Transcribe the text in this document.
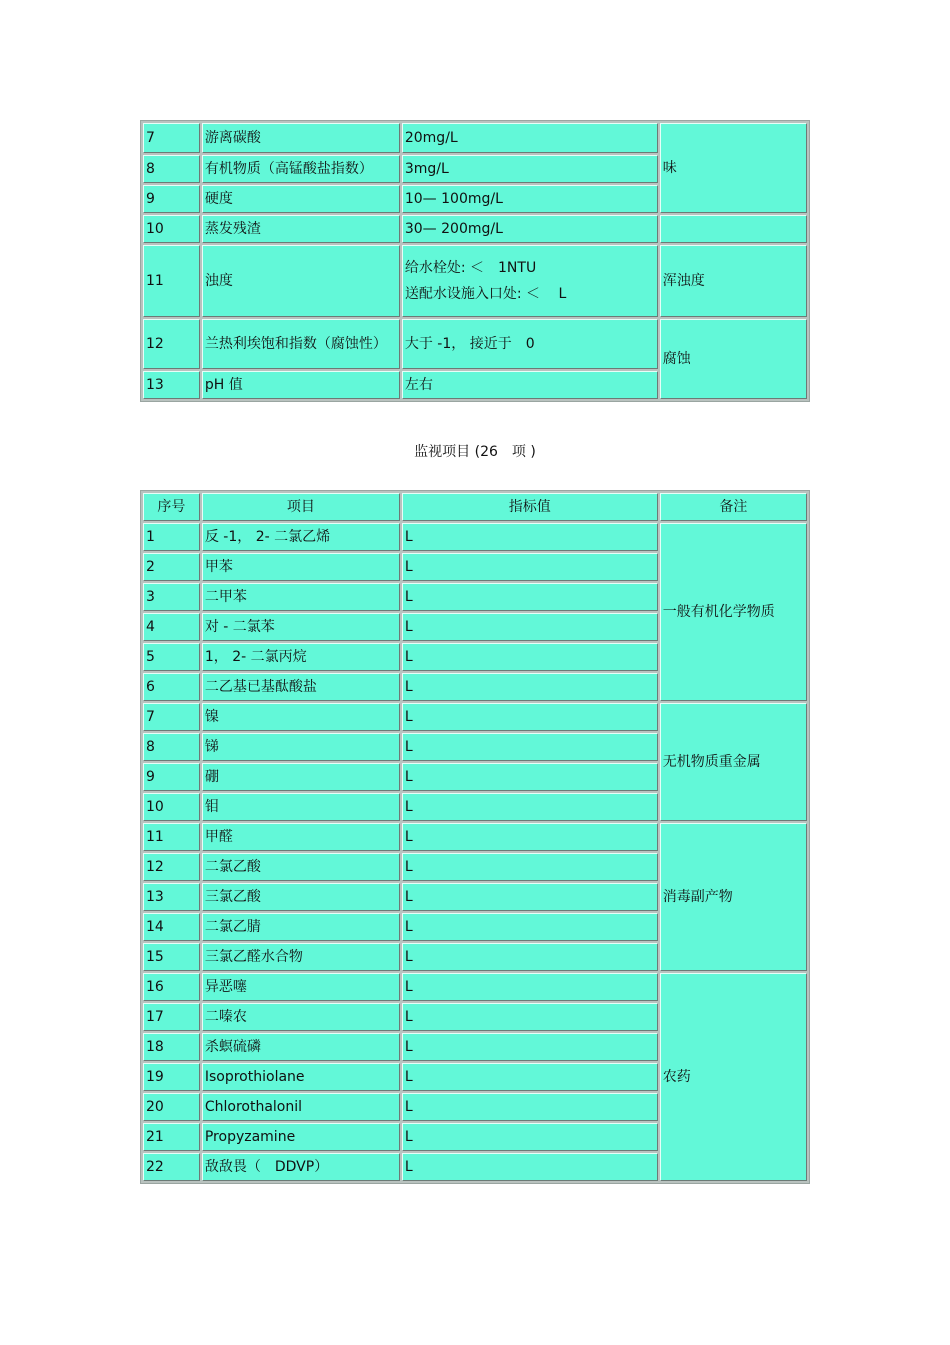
7	游离碳酸	20mg/L	味
8	有机物质（高锰酸盐指数）	3mg/L	
9	硬度	10— 100mg/L	
10	蒸发残渣	30— 200mg/L	
11	浊度	给水栓处: ＜　1NTU
送配水设施入口处: ＜　 L	浑浊度
12	兰热利埃饱和指数（腐蚀性）	大于 -1， 接近于　0	腐蚀
13	pH 值	左右	
监视项目 (26　项 )
序号	项目	指标值	备注
1	反 -1， 2- 二氯乙烯	L	一般有机化学物质
2	甲苯	L	
3	二甲苯	L	
4	对 - 二氯苯	L	
5	1， 2- 二氯丙烷	L	
6	二乙基已基酞酸盐	L	
7	镍	L	无机物质重金属
8	锑	L	
9	硼	L	
10	钼	L	
11	甲醛	L	消毒副产物
12	二氯乙酸	L	
13	三氯乙酸	L	
14	二氯乙腈	L	
15	三氯乙醛水合物	L	
16	异恶噻	L	农药
17	二嗪农	L	
18	杀螟硫磷	L	
19	Isoprothiolane	L	
20	Chlorothalonil	L	
21	Propyzamine	L	
22	敌敌畏（　DDVP）	L	
